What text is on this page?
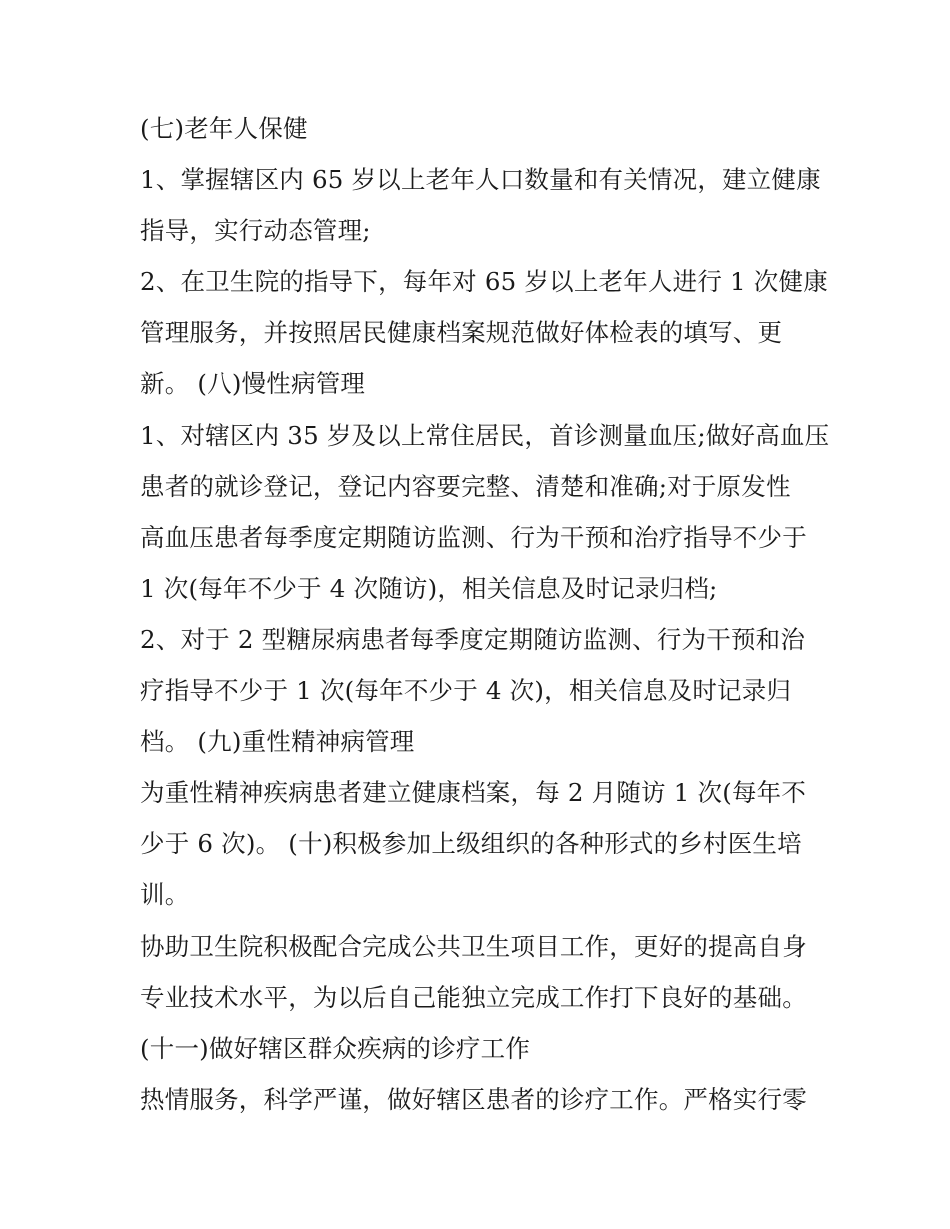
(七)老年人保健
1、掌握辖区内 65 岁以上老年人口数量和有关情况，建立健康
指导，实行动态管理;
2、在卫生院的指导下，每年对 65 岁以上老年人进行 1 次健康
管理服务，并按照居民健康档案规范做好体检表的填写、更
新。 (八)慢性病管理
1、对辖区内 35 岁及以上常住居民，首诊测量血压;做好高血压
患者的就诊登记，登记内容要完整、清楚和准确;对于原发性
高血压患者每季度定期随访监测、行为干预和治疗指导不少于
1 次(每年不少于 4 次随访)，相关信息及时记录归档;
2、对于 2 型糖尿病患者每季度定期随访监测、行为干预和治
疗指导不少于 1 次(每年不少于 4 次)，相关信息及时记录归
档。 (九)重性精神病管理
为重性精神疾病患者建立健康档案，每 2 月随访 1 次(每年不
少于 6 次)。 (十)积极参加上级组织的各种形式的乡村医生培
训。
协助卫生院积极配合完成公共卫生项目工作，更好的提高自身
专业技术水平，为以后自己能独立完成工作打下良好的基础。
(十一)做好辖区群众疾病的诊疗工作
热情服务，科学严谨，做好辖区患者的诊疗工作。严格实行零
